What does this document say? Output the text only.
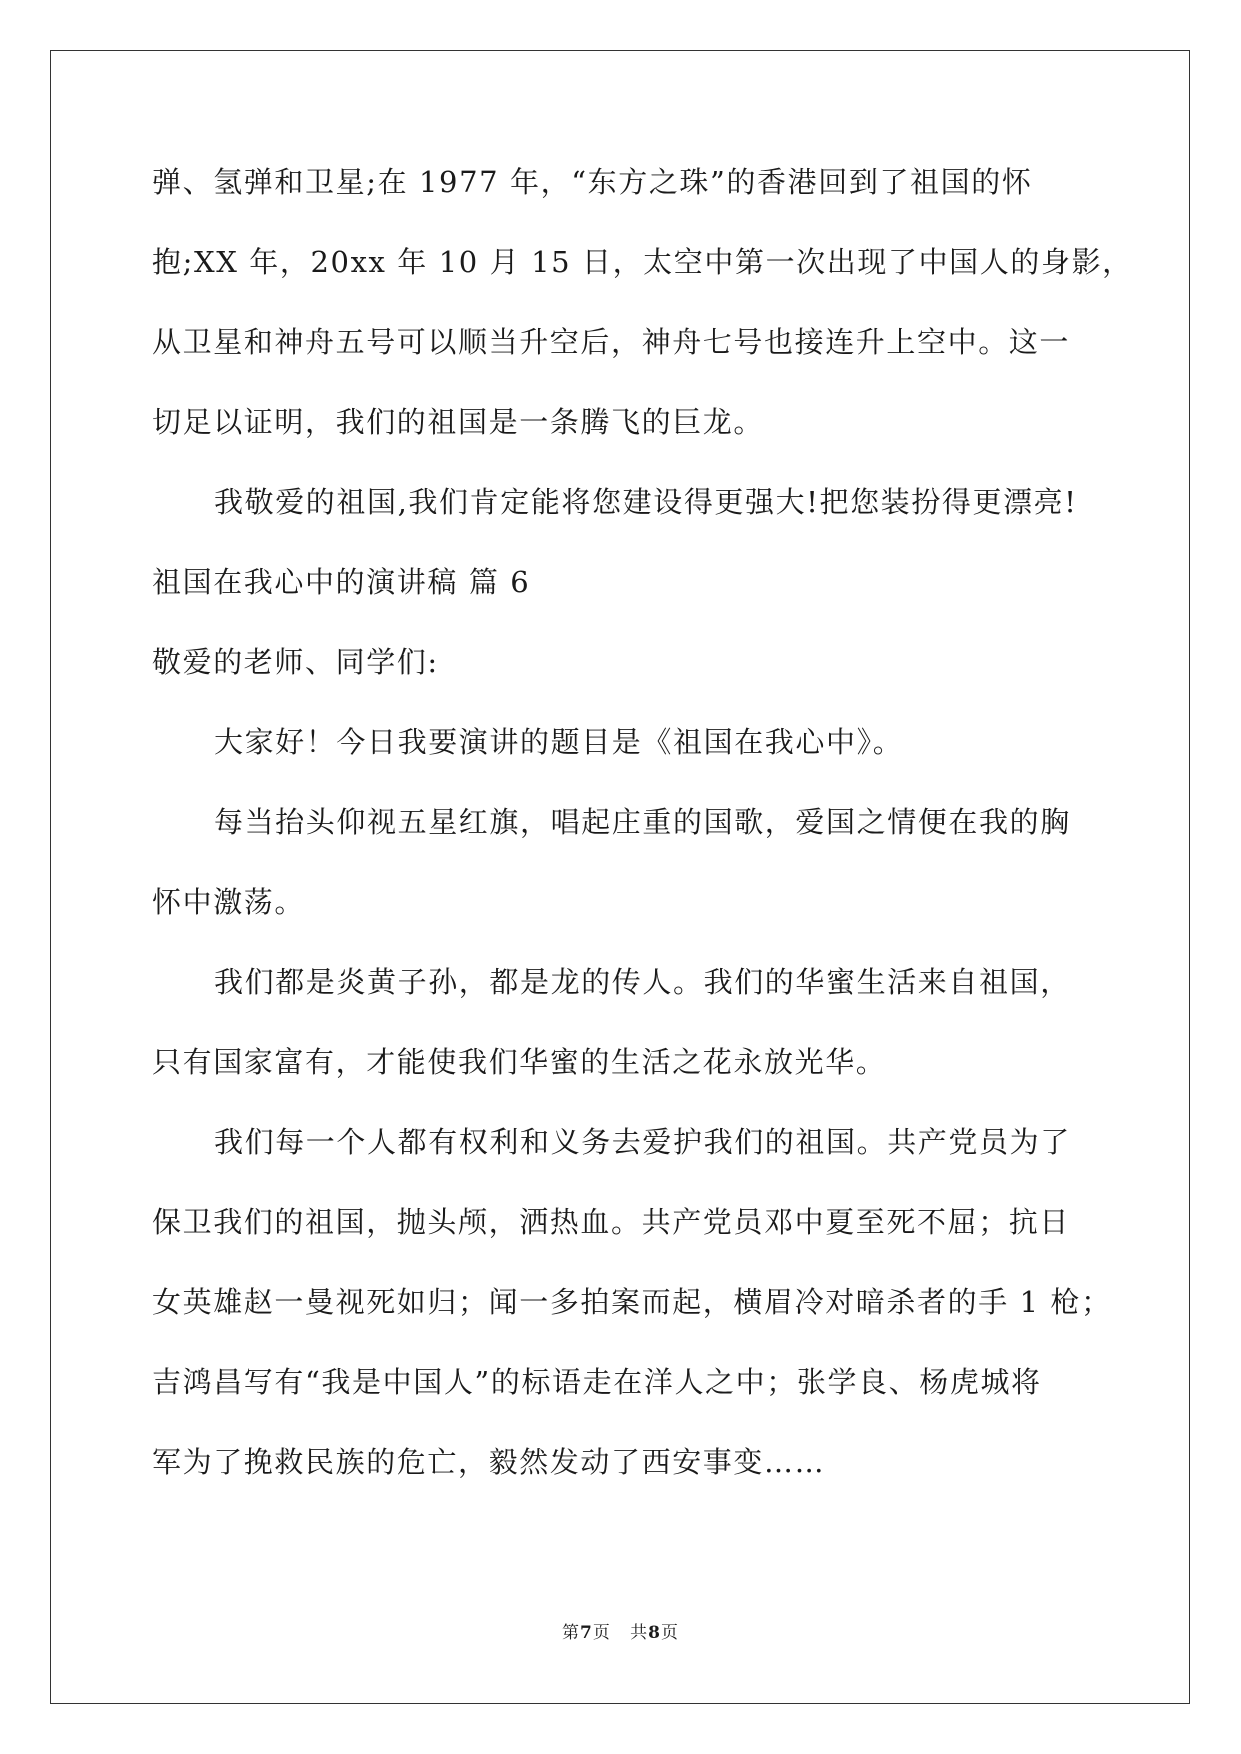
弹、氢弹和卫星;在 1977 年，“东方之珠”的香港回到了祖国的怀
抱;XX 年，20xx 年 10 月 15 日，太空中第一次出现了中国人的身影，
从卫星和神舟五号可以顺当升空后，神舟七号也接连升上空中。这一
切足以证明，我们的祖国是一条腾飞的巨龙。
我敬爱的祖国,我们肯定能将您建设得更强大!把您装扮得更漂亮!
祖国在我心中的演讲稿 篇 6
敬爱的老师、同学们:
大家好！今日我要演讲的题目是《祖国在我心中》。
每当抬头仰视五星红旗，唱起庄重的国歌，爱国之情便在我的胸
怀中激荡。
我们都是炎黄子孙，都是龙的传人。我们的华蜜生活来自祖国，
只有国家富有，才能使我们华蜜的生活之花永放光华。
我们每一个人都有权利和义务去爱护我们的祖国。共产党员为了
保卫我们的祖国，抛头颅，洒热血。共产党员邓中夏至死不屈；抗日
女英雄赵一曼视死如归；闻一多拍案而起，横眉冷对暗杀者的手 1 枪；
吉鸿昌写有“我是中国人”的标语走在洋人之中；张学良、杨虎城将
军为了挽救民族的危亡，毅然发动了西安事变……
第7页 共8页
